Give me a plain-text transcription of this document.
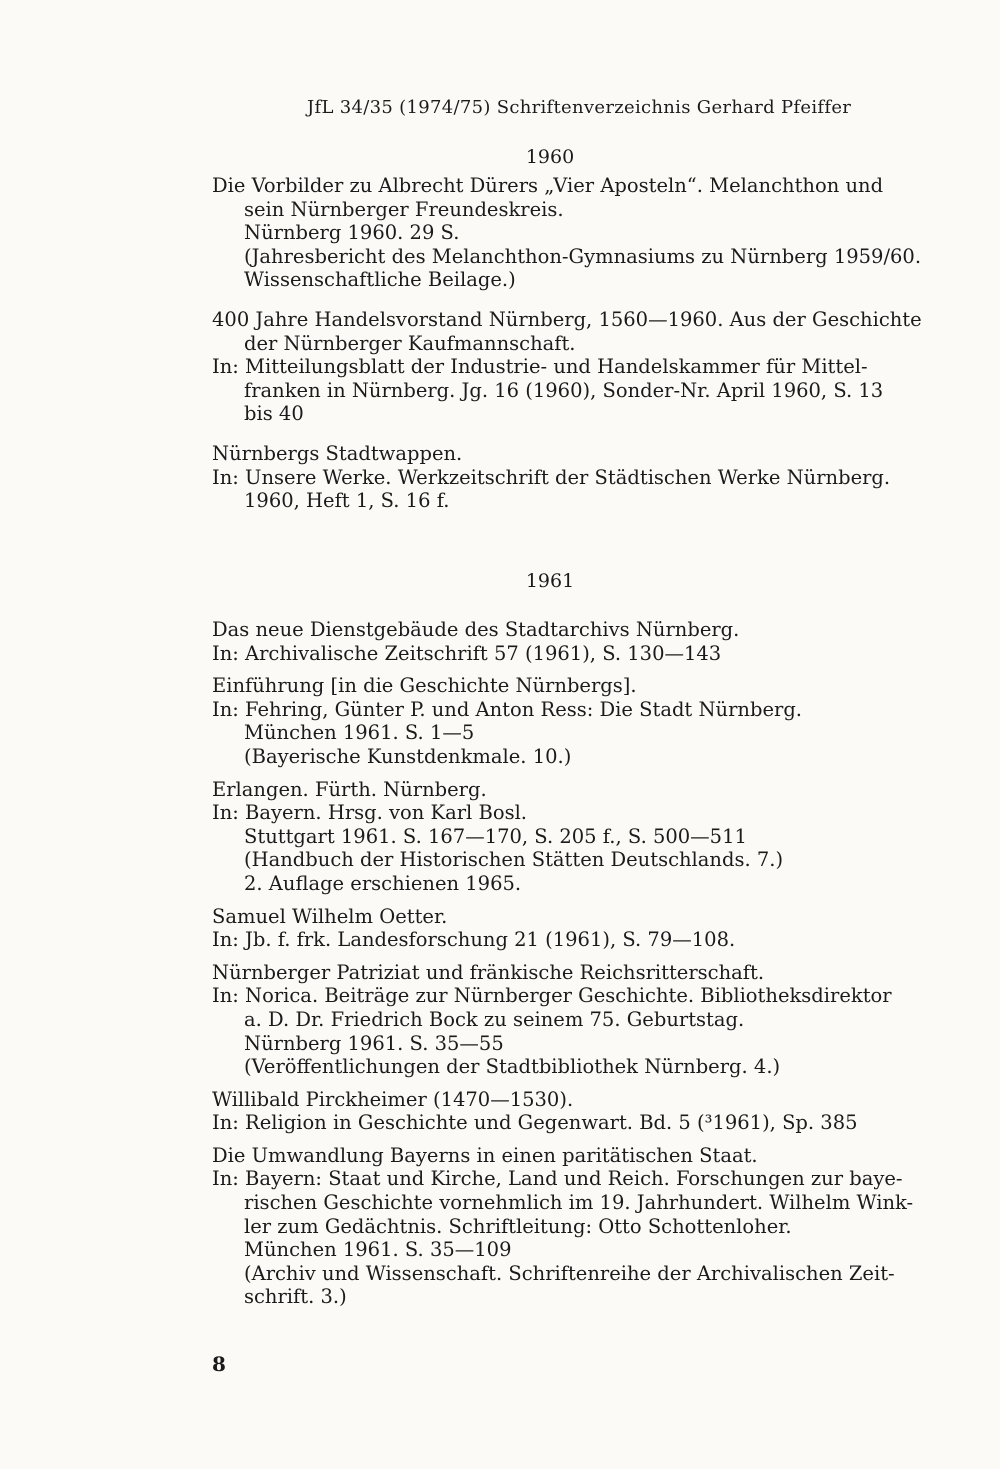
JfL 34/35 (1974/75) Schriftenverzeichnis Gerhard Pfeiffer
1960
Die Vorbilder zu Albrecht Dürers „Vier Aposteln“. Melanchthon und
sein Nürnberger Freundeskreis.
Nürnberg 1960. 29 S.
(Jahresbericht des Melanchthon-Gymnasiums zu Nürnberg 1959/60.
Wissenschaftliche Beilage.)
400 Jahre Handelsvorstand Nürnberg, 1560—1960. Aus der Geschichte
der Nürnberger Kaufmannschaft.
In: Mitteilungsblatt der Industrie- und Handelskammer für Mittel-
franken in Nürnberg. Jg. 16 (1960), Sonder-Nr. April 1960, S. 13
bis 40
Nürnbergs Stadtwappen.
In: Unsere Werke. Werkzeitschrift der Städtischen Werke Nürnberg.
1960, Heft 1, S. 16 f.
1961
Das neue Dienstgebäude des Stadtarchivs Nürnberg.
In: Archivalische Zeitschrift 57 (1961), S. 130—143
Einführung [in die Geschichte Nürnbergs].
In: Fehring, Günter P. und Anton Ress: Die Stadt Nürnberg.
München 1961. S. 1—5
(Bayerische Kunstdenkmale. 10.)
Erlangen. Fürth. Nürnberg.
In: Bayern. Hrsg. von Karl Bosl.
Stuttgart 1961. S. 167—170, S. 205 f., S. 500—511
(Handbuch der Historischen Stätten Deutschlands. 7.)
2. Auflage erschienen 1965.
Samuel Wilhelm Oetter.
In: Jb. f. frk. Landesforschung 21 (1961), S. 79—108.
Nürnberger Patriziat und fränkische Reichsritterschaft.
In: Norica. Beiträge zur Nürnberger Geschichte. Bibliotheksdirektor
a. D. Dr. Friedrich Bock zu seinem 75. Geburtstag.
Nürnberg 1961. S. 35—55
(Veröffentlichungen der Stadtbibliothek Nürnberg. 4.)
Willibald Pirckheimer (1470—1530).
In: Religion in Geschichte und Gegenwart. Bd. 5 (³1961), Sp. 385
Die Umwandlung Bayerns in einen paritätischen Staat.
In: Bayern: Staat und Kirche, Land und Reich. Forschungen zur baye-
rischen Geschichte vornehmlich im 19. Jahrhundert. Wilhelm Wink-
ler zum Gedächtnis. Schriftleitung: Otto Schottenloher.
München 1961. S. 35—109
(Archiv und Wissenschaft. Schriftenreihe der Archivalischen Zeit-
schrift. 3.)
8
